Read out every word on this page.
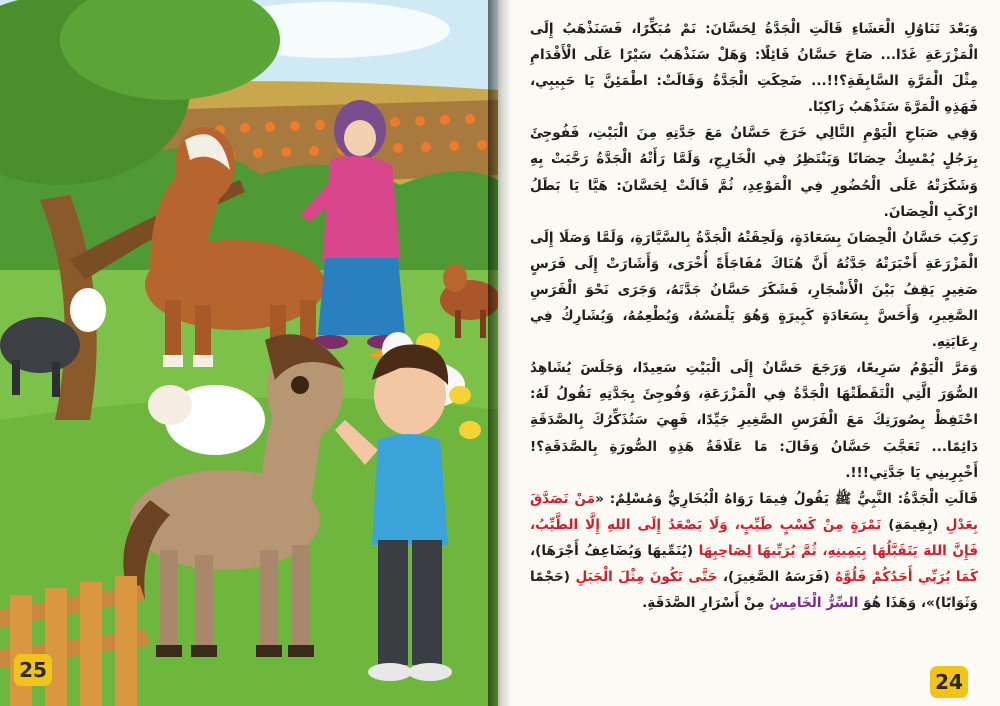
25

وَبَعْدَ تَنَاوُلِ الْعَشَاءِ قَالَتِ الْجَدَّةُ لِحَسَّانَ: نَمْ مُبَكِّرًا، فَسَنَذْهَبُ إِلَى الْمَزْرَعَةِ غَدًا... صَاحَ حَسَّانُ قَائِلًا: وَهَلْ سَنَذْهَبُ سَيْرًا عَلَى الْأَقْدَامِ مِثْلَ الْمَرَّةِ السَّابِقَةِ؟!!... ضَحِكَتِ الْجَدَّةُ وَقَالَتْ: اطْمَئِنَّ يَا حَبِيبِي، فَهَذِهِ الْمَرَّةَ سَتَذْهَبُ رَاكِبًا.

وَفِي صَبَاحِ الْيَوْمِ التَّالِي خَرَجَ حَسَّانُ مَعَ جَدَّتِهِ مِنَ الْبَيْتِ، فَفُوجِئَ بِرَجُلٍ يُمْسِكُ حِصَانًا وَيَنْتَظِرُ فِي الْخَارِجِ، وَلَمَّا رَأَتْهُ الْجَدَّةُ رَحَّبَتْ بِهِ وَشَكَرَتْهُ عَلَى الْحُضُورِ فِي الْمَوْعِدِ، ثُمَّ قَالَتْ لِحَسَّانَ: هَيَّا يَا بَطَلُ ارْكَبِ الْحِصَانَ.

رَكِبَ حَسَّانُ الْحِصَانَ بِسَعَادَةٍ، وَلَحِقَتْهُ الْجَدَّةُ بِالسَّيَّارَةِ، وَلَمَّا وَصَلَا إِلَى الْمَزْرَعَةِ أَخْبَرَتْهُ جَدَّتُهُ أَنَّ هُنَاكَ مُفَاجَأَةً أُخْرَى، وَأَشَارَتْ إِلَى فَرَسٍ صَغِيرٍ يَقِفُ بَيْنَ الْأَشْجَارِ، فَشَكَرَ حَسَّانُ جَدَّتَهُ، وَجَرَى نَحْوَ الْفَرَسِ الصَّغِيرِ، وَأَحَسَّ بِسَعَادَةٍ كَبِيرَةٍ وَهُوَ يَلْمَسُهُ، وَيُطْعِمُهُ، وَيُشَارِكُ فِي رِعَايَتِهِ.

وَمَرَّ الْيَوْمُ سَرِيعًا، وَرَجَعَ حَسَّانُ إِلَى الْبَيْتِ سَعِيدًا، وَجَلَسَ يُشَاهِدُ الصُّوَرَ الَّتِي الْتَقَطَتْهَا الْجَدَّةُ فِي الْمَزْرَعَةِ، وَفُوجِئَ بِجَدَّتِهِ تَقُولُ لَهُ: احْتَفِظْ بِصُورَتِكَ مَعَ الْفَرَسِ الصَّغِيرِ جَيِّدًا، فَهِيَ سَتُذَكِّرُكَ بِالصَّدَقَةِ دَائِمًا... تَعَجَّبَ حَسَّانُ وَقَالَ: مَا عَلَاقَةُ هَذِهِ الصُّورَةِ بِالصَّدَقَةِ؟! أَخْبِرِينِي يَا جَدَّتِي!!!.

قَالَتِ الْجَدَّةُ: النَّبِيُّ ﷺ يَقُولُ فِيمَا رَوَاهُ الْبُخَارِيُّ وَمُسْلِمٌ: «مَنْ تَصَدَّقَ بِعَدْلِ (بِقِيمَةِ) تَمْرَةٍ مِنْ كَسْبٍ طَيِّبٍ، وَلَا يَصْعَدُ إِلَى اللهِ إِلَّا الطَّيِّبُ، فَإِنَّ اللهَ يَتَقَبَّلُهَا بِيَمِينِهِ، ثُمَّ يُرَبِّيهَا لِصَاحِبِهَا (يُنَمِّيهَا وَيُضَاعِفُ أَجْرَهَا)، كَمَا يُرَبِّي أَحَدُكُمْ فَلُوَّهُ (فَرَسَهُ الصَّغِيرَ)، حَتَّى تَكُونَ مِثْلَ الْجَبَلِ (حَجْمًا وَثَوَابًا)»، وَهَذَا هُوَ السِّرُّ الْخَامِسُ مِنْ أَسْرَارِ الصَّدَقَةِ.

24
